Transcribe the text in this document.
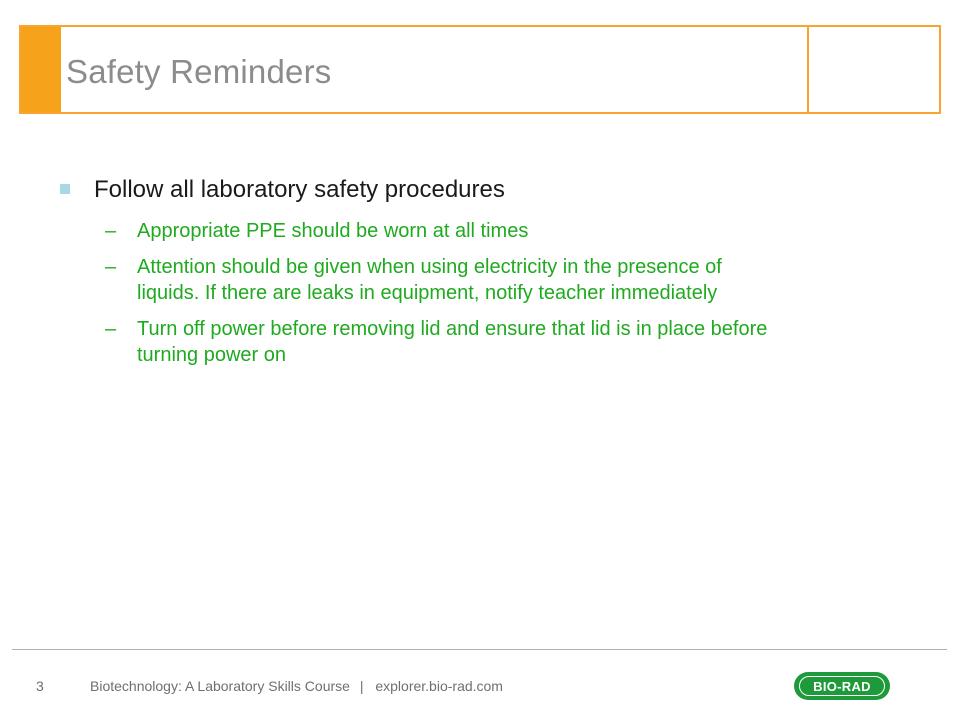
Safety Reminders
Follow all laboratory safety procedures
–	Appropriate PPE should be worn at all times
–	Attention should be given when using electricity in the presence of liquids. If there are leaks in equipment, notify teacher immediately
–	Turn off power before removing lid and ensure that lid is in place before turning power on
3	Biotechnology: A Laboratory Skills Course | explorer.bio-rad.com	BIO-RAD
